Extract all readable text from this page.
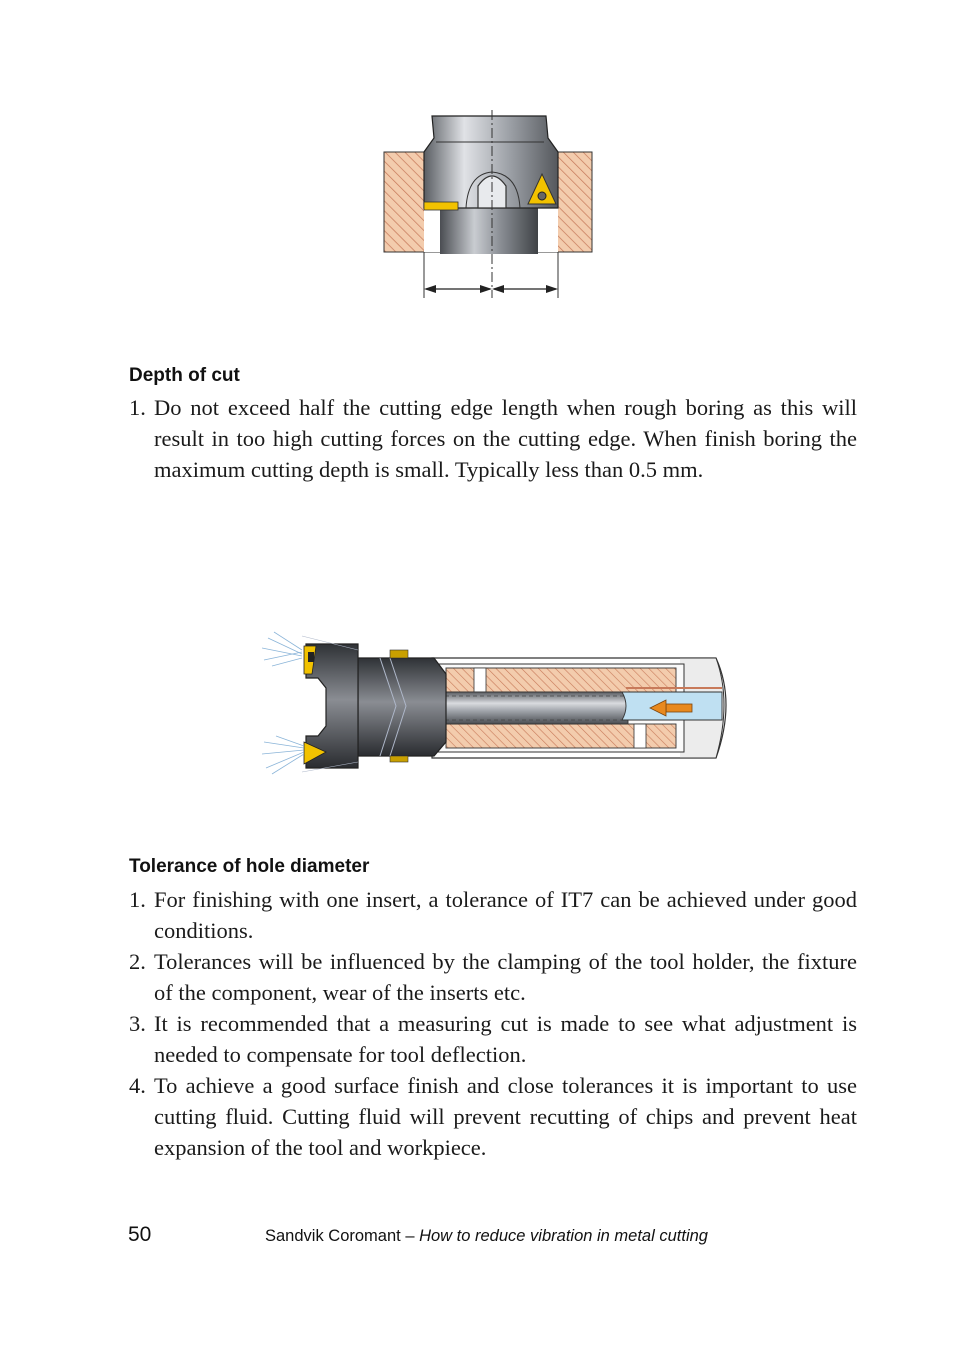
Depth of cut
1. Do not exceed half the cutting edge length when rough boring as this will result in too high cutting forces on the cutting edge. When finish boring the maximum cutting depth is small. Typically less than 0.5 mm.
Tolerance of hole diameter
1. For finishing with one insert, a tolerance of IT7 can be achieved under good conditions.
2. Tolerances will be influenced by the clamping of the tool holder, the fixture of the component, wear of the inserts etc.
3. It is recommended that a measuring cut is made to see what adjustment is needed to compensate for tool deflection.
4. To achieve a good surface finish and close tolerances it is important to use cutting fluid. Cutting fluid will prevent recutting of chips and prevent heat expansion of the tool and workpiece.
50	Sandvik Coromant – How to reduce vibration in metal cutting
